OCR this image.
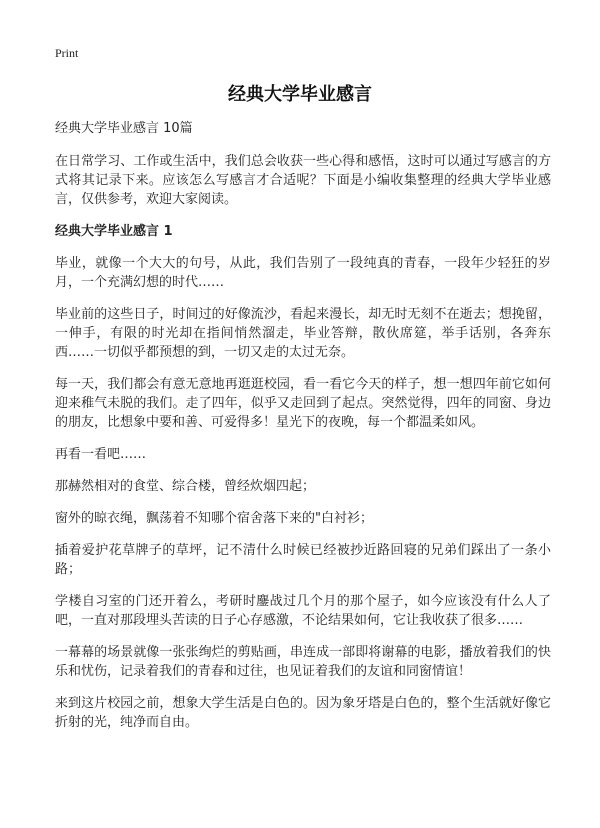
Print
经典大学毕业感言
经典大学毕业感言 10篇

在日常学习、工作或生活中，我们总会收获一些心得和感悟，这时可以通过写感言的方式将其记录下来。应该怎么写感言才合适呢？下面是小编收集整理的经典大学毕业感言，仅供参考，欢迎大家阅读。

经典大学毕业感言 1

毕业，就像一个大大的句号，从此，我们告别了一段纯真的青春，一段年少轻狂的岁月，一个充满幻想的时代……

毕业前的这些日子，时间过的好像流沙，看起来漫长，却无时无刻不在逝去；想挽留，一伸手，有限的时光却在指间悄然溜走，毕业答辩，散伙席筵，举手话别，各奔东西……一切似乎都预想的到，一切又走的太过无奈。

每一天，我们都会有意无意地再逛逛校园，看一看它今天的样子，想一想四年前它如何迎来稚气未脱的我们。走了四年，似乎又走回到了起点。突然觉得，四年的同窗、身边的朋友，比想象中要和善、可爱得多！星光下的夜晚，每一个都温柔如风。

再看一看吧……

那赫然相对的食堂、综合楼，曾经炊烟四起；

窗外的晾衣绳，飘荡着不知哪个宿舍落下来的"白衬衫；

插着爱护花草牌子的草坪，记不清什么时候已经被抄近路回寝的兄弟们踩出了一条小路；

学楼自习室的门还开着么，考研时鏖战过几个月的那个屋子，如今应该没有什么人了吧，一直对那段埋头苦读的日子心存感激，不论结果如何，它让我收获了很多……

一幕幕的场景就像一张张绚烂的剪贴画，串连成一部即将谢幕的电影，播放着我们的快乐和忧伤，记录着我们的青春和过往，也见证着我们的友谊和同窗情谊！

来到这片校园之前，想象大学生活是白色的。因为象牙塔是白色的，整个生活就好像它折射的光，纯净而自由。
